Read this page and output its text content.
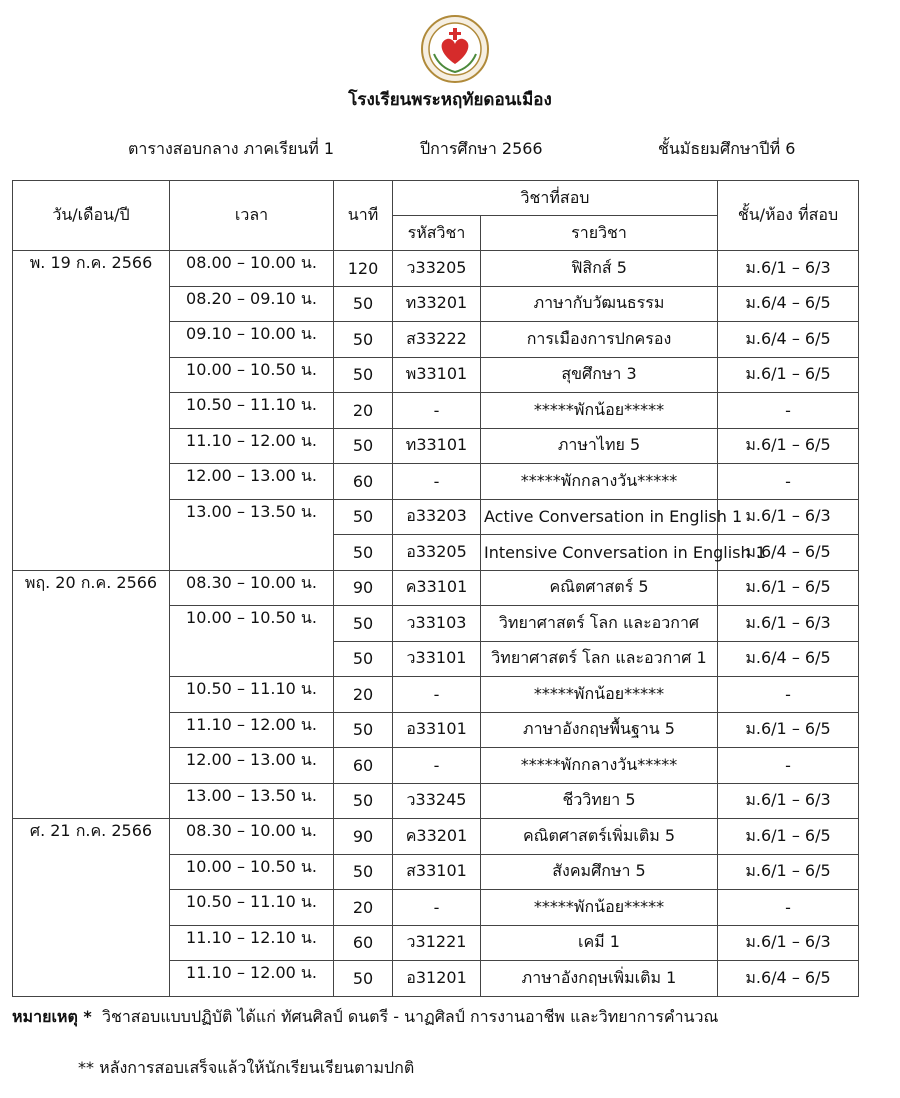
โรงเรียนพระหฤทัยดอนเมือง
ตารางสอบกลาง ภาคเรียนที่ 1	ปีการศึกษา 2566	ชั้นมัธยมศึกษาปีที่ 6
วัน/เดือน/ปี	เวลา	นาที	วิชาที่สอบ		ชั้น/ห้อง ที่สอบ
			รหัสวิชา	รายวิชา	
พ. 19 ก.ค. 2566	08.00 – 10.00 น.	120	ว33205	ฟิสิกส์ 5	ม.6/1 – 6/3
	08.20 – 09.10 น.	50	ท33201	ภาษากับวัฒนธรรม	ม.6/4 – 6/5
	09.10 – 10.00 น.	50	ส33222	การเมืองการปกครอง	ม.6/4 – 6/5
	10.00 – 10.50 น.	50	พ33101	สุขศึกษา 3	ม.6/1 – 6/5
	10.50 – 11.10 น.	20	-	*****พักน้อย*****	-
	11.10 – 12.00 น.	50	ท33101	ภาษาไทย 5	ม.6/1 – 6/5
	12.00 – 13.00 น.	60	-	*****พักกลางวัน*****	-
	13.00 – 13.50 น.	50	อ33203	Active Conversation in English 1	ม.6/1 – 6/3
		50	อ33205	Intensive Conversation in English 1	ม.6/4 – 6/5
พฤ. 20 ก.ค. 2566	08.30 – 10.00 น.	90	ค33101	คณิตศาสตร์ 5	ม.6/1 – 6/5
	10.00 – 10.50 น.	50	ว33103	วิทยาศาสตร์ โลก และอวกาศ	ม.6/1 – 6/3
		50	ว33101	วิทยาศาสตร์ โลก และอวกาศ 1	ม.6/4 – 6/5
	10.50 – 11.10 น.	20	-	*****พักน้อย*****	-
	11.10 – 12.00 น.	50	อ33101	ภาษาอังกฤษพื้นฐาน 5	ม.6/1 – 6/5
	12.00 – 13.00 น.	60	-	*****พักกลางวัน*****	-
	13.00 – 13.50 น.	50	ว33245	ชีววิทยา 5	ม.6/1 – 6/3
ศ. 21 ก.ค. 2566	08.30 – 10.00 น.	90	ค33201	คณิตศาสตร์เพิ่มเติม 5	ม.6/1 – 6/5
	10.00 – 10.50 น.	50	ส33101	สังคมศึกษา 5	ม.6/1 – 6/5
	10.50 – 11.10 น.	20	-	*****พักน้อย*****	-
	11.10 – 12.10 น.	60	ว31221	เคมี 1	ม.6/1 – 6/3
	11.10 – 12.00 น.	50	อ31201	ภาษาอังกฤษเพิ่มเติม 1	ม.6/4 – 6/5
หมายเหตุ * วิชาสอบแบบปฏิบัติ ได้แก่ ทัศนศิลป์ ดนตรี - นาฏศิลป์ การงานอาชีพ และวิทยาการคำนวณ
** หลังการสอบเสร็จแล้วให้นักเรียนเรียนตามปกติ
